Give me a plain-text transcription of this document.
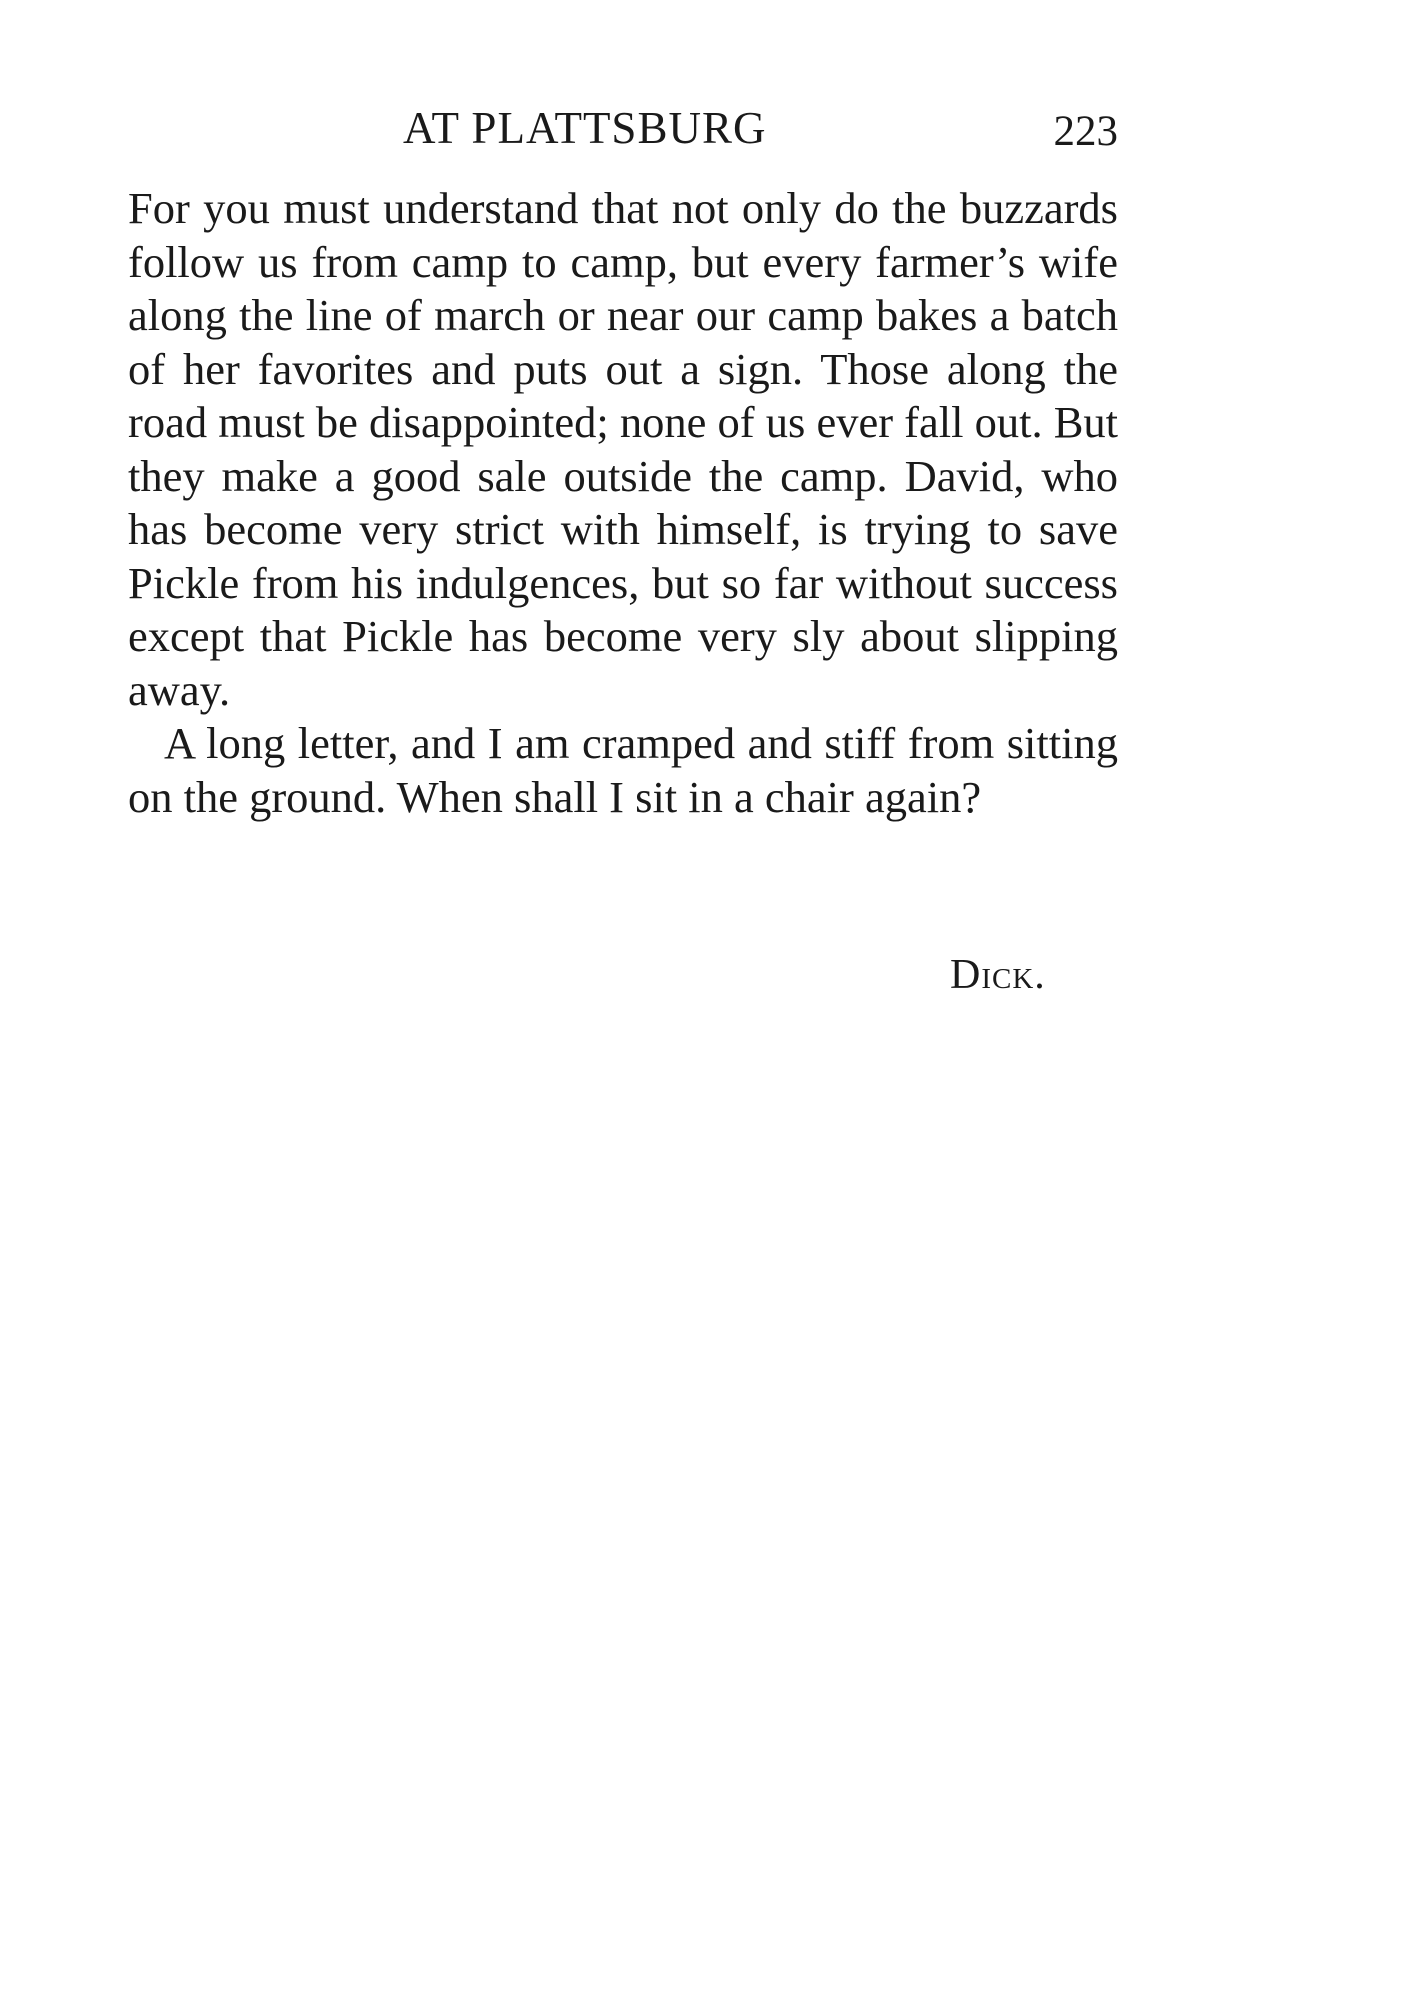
AT PLATTSBURG	223

For you must understand that not only do the buzzards follow us from camp to camp, but every farmer’s wife along the line of march or near our camp bakes a batch of her favorites and puts out a sign. Those along the road must be disappointed; none of us ever fall out. But they make a good sale outside the camp. David, who has become very strict with himself, is trying to save Pickle from his indulgences, but so far without success except that Pickle has become very sly about slipping away.

A long letter, and I am cramped and stiff from sitting on the ground. When shall I sit in a chair again?

Dick.
